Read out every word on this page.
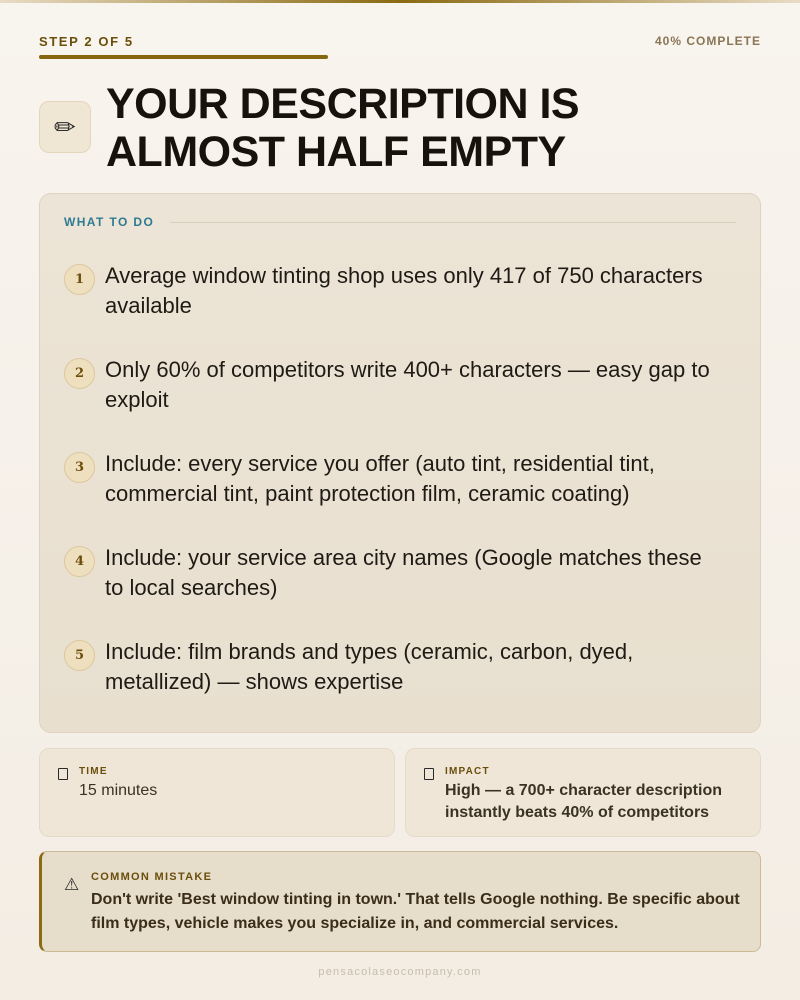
STEP 2 OF 5	40% COMPLETE
✏ YOUR DESCRIPTION IS ALMOST HALF EMPTY
WHAT TO DO
1 Average window tinting shop uses only 417 of 750 characters available
2 Only 60% of competitors write 400+ characters — easy gap to exploit
3 Include: every service you offer (auto tint, residential tint, commercial tint, paint protection film, ceramic coating)
4 Include: your service area city names (Google matches these to local searches)
5 Include: film brands and types (ceramic, carbon, dyed, metallized) — shows expertise
TIME
15 minutes
IMPACT
High — a 700+ character description instantly beats 40% of competitors
⚠ COMMON MISTAKE

Don't write 'Best window tinting in town.' That tells Google nothing. Be specific about film types, vehicle makes you specialize in, and commercial services.

pensacolaseocompany.com
